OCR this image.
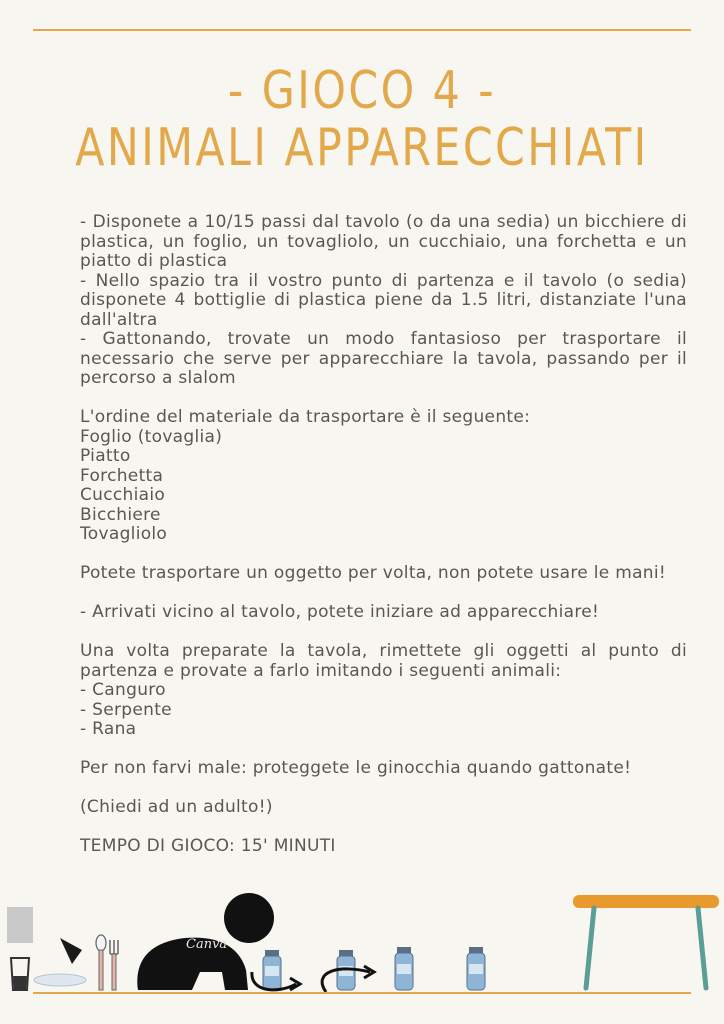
- GIOCO 4 -
ANIMALI APPARECCHIATI

- Disponete a 10/15 passi dal tavolo (o da una sedia) un bicchiere di plastica, un foglio, un tovagliolo, un cucchiaio, una forchetta e un piatto di plastica

- Nello spazio tra il vostro punto di partenza e il tavolo (o sedia) disponete 4 bottiglie di plastica piene da 1.5 litri, distanziate l'una dall'altra

- Gattonando, trovate un modo fantasioso per trasportare il necessario che serve per apparecchiare la tavola, passando per il percorso a slalom

L'ordine del materiale da trasportare è il seguente:

Foglio (tovaglia)

Piatto

Forchetta

Cucchiaio

Bicchiere

Tovagliolo

Potete trasportare un oggetto per volta, non potete usare le mani!

- Arrivati vicino al tavolo, potete iniziare ad apparecchiare!

Una volta preparate la tavola, rimettete gli oggetti al punto di partenza e provate a farlo imitando i seguenti animali:

- Canguro

- Serpente

- Rana

Per non farvi male: proteggete le ginocchia quando gattonate!

(Chiedi ad un adulto!)

TEMPO DI GIOCO: 15' MINUTI

Canva
